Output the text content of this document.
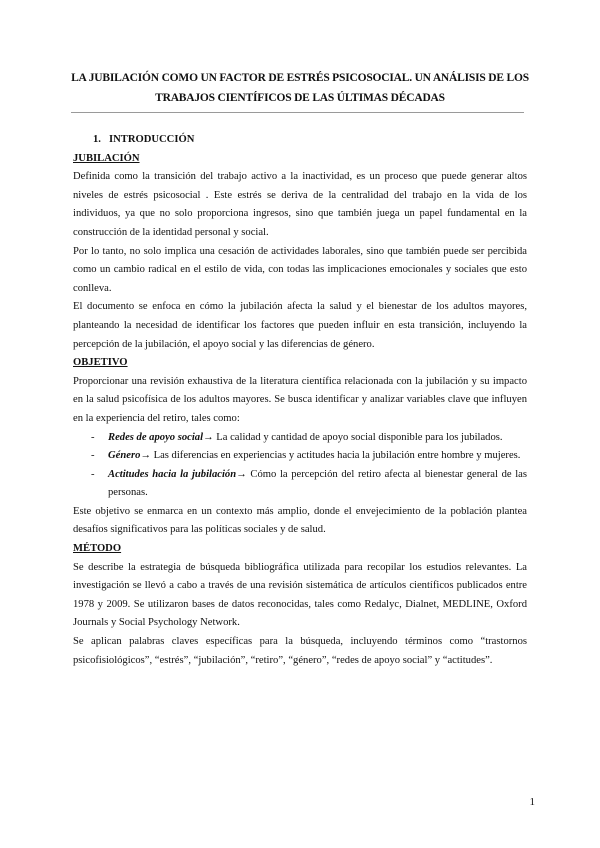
LA JUBILACIÓN COMO UN FACTOR DE ESTRÉS PSICOSOCIAL. UN ANÁLISIS DE LOS TRABAJOS CIENTÍFICOS DE LAS ÚLTIMAS DÉCADAS
1. INTRODUCCIÓN
JUBILACIÓN

Definida como la transición del trabajo activo a la inactividad, es un proceso que puede generar altos niveles de estrés psicosocial . Este estrés se deriva de la centralidad del trabajo en la vida de los individuos, ya que no solo proporciona ingresos, sino que también juega un papel fundamental en la construcción de la identidad personal y social.

Por lo tanto, no solo implica una cesación de actividades laborales, sino que también puede ser percibida como un cambio radical en el estilo de vida, con todas las implicaciones emocionales y sociales que esto conlleva.

El documento se enfoca en cómo la jubilación afecta la salud y el bienestar de los adultos mayores, planteando la necesidad de identificar los factores que pueden influir en esta transición, incluyendo la percepción de la jubilación, el apoyo social y las diferencias de género.

OBJETIVO

Proporcionar una revisión exhaustiva de la literatura científica relacionada con la jubilación y su impacto en la salud psicofísica de los adultos mayores. Se busca identificar y analizar variables clave que influyen en la experiencia del retiro, tales como:

- Redes de apoyo social→ La calidad y cantidad de apoyo social disponible para los jubilados.
- Género→ Las diferencias en experiencias y actitudes hacia la jubilación entre hombre y mujeres.
- Actitudes hacia la jubilación→ Cómo la percepción del retiro afecta al bienestar general de las personas.

Este objetivo se enmarca en un contexto más amplio, donde el envejecimiento de la población plantea desafíos significativos para las políticas sociales y de salud.

MÉTODO

Se describe la estrategia de búsqueda bibliográfica utilizada para recopilar los estudios relevantes. La investigación se llevó a cabo a través de una revisión sistemática de artículos científicos publicados entre 1978 y 2009. Se utilizaron bases de datos reconocidas, tales como Redalyc, Dialnet, MEDLINE, Oxford Journals y Social Psychology Network.

Se aplican palabras claves específicas para la búsqueda, incluyendo términos como “trastornos psicofisiológicos”, “estrés”, “jubilación”, “retiro”, “género”, “redes de apoyo social” y “actitudes”.

1
